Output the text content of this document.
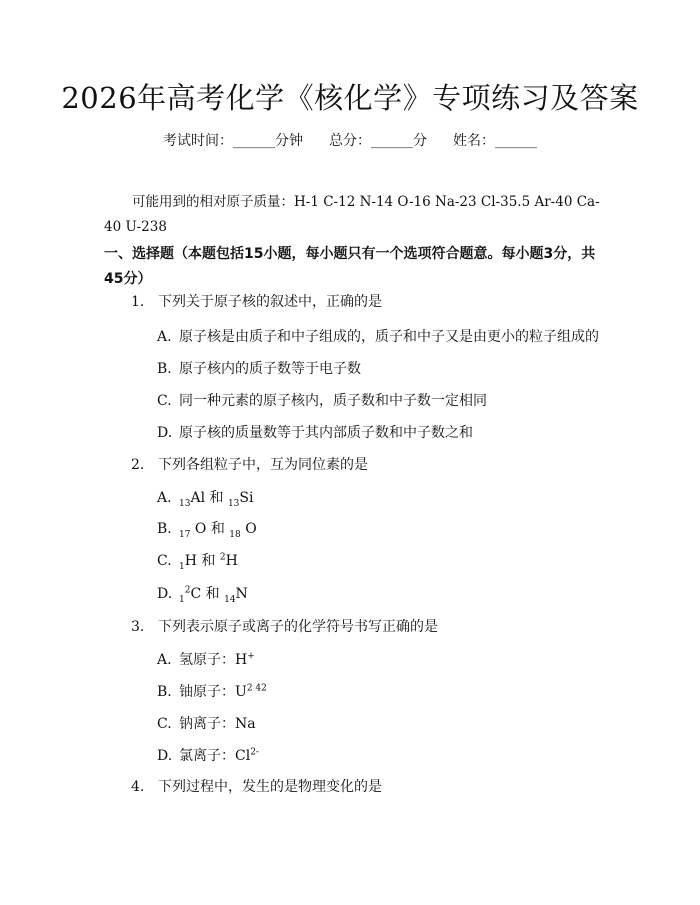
2026年高考化学《核化学》专项练习及答案
考试时间：______分钟 总分：______分 姓名：______
可能用到的相对原子质量：H-1 C-12 N-14 O-16 Na-23 Cl-35.5 Ar-40 Ca-40 U-238
一、选择题（本题包括15小题，每小题只有一个选项符合题意。每小题3分，共45分）
1. 下列关于原子核的叙述中，正确的是
A. 原子核是由质子和中子组成的，质子和中子又是由更小的粒子组成的
B. 原子核内的质子数等于电子数
C. 同一种元素的原子核内，质子数和中子数一定相同
D. 原子核的质量数等于其内部质子数和中子数之和
2. 下列各组粒子中，互为同位素的是
A. $_{13}$Al 和 $_{13}$Si
B. $_{17}$ O 和 $_{18}$ O
C. $_1$H 和 $^2$H
D. $_1^2$C 和 $_{14}$N
3. 下列表示原子或离子的化学符号书写正确的是
A. 氢原子：H+
B. 铀原子：$U^{2 42}$
C. 钠离子：Na
D. 氯离子：$Cl^{2-}$
4. 下列过程中，发生的是物理变化的是
